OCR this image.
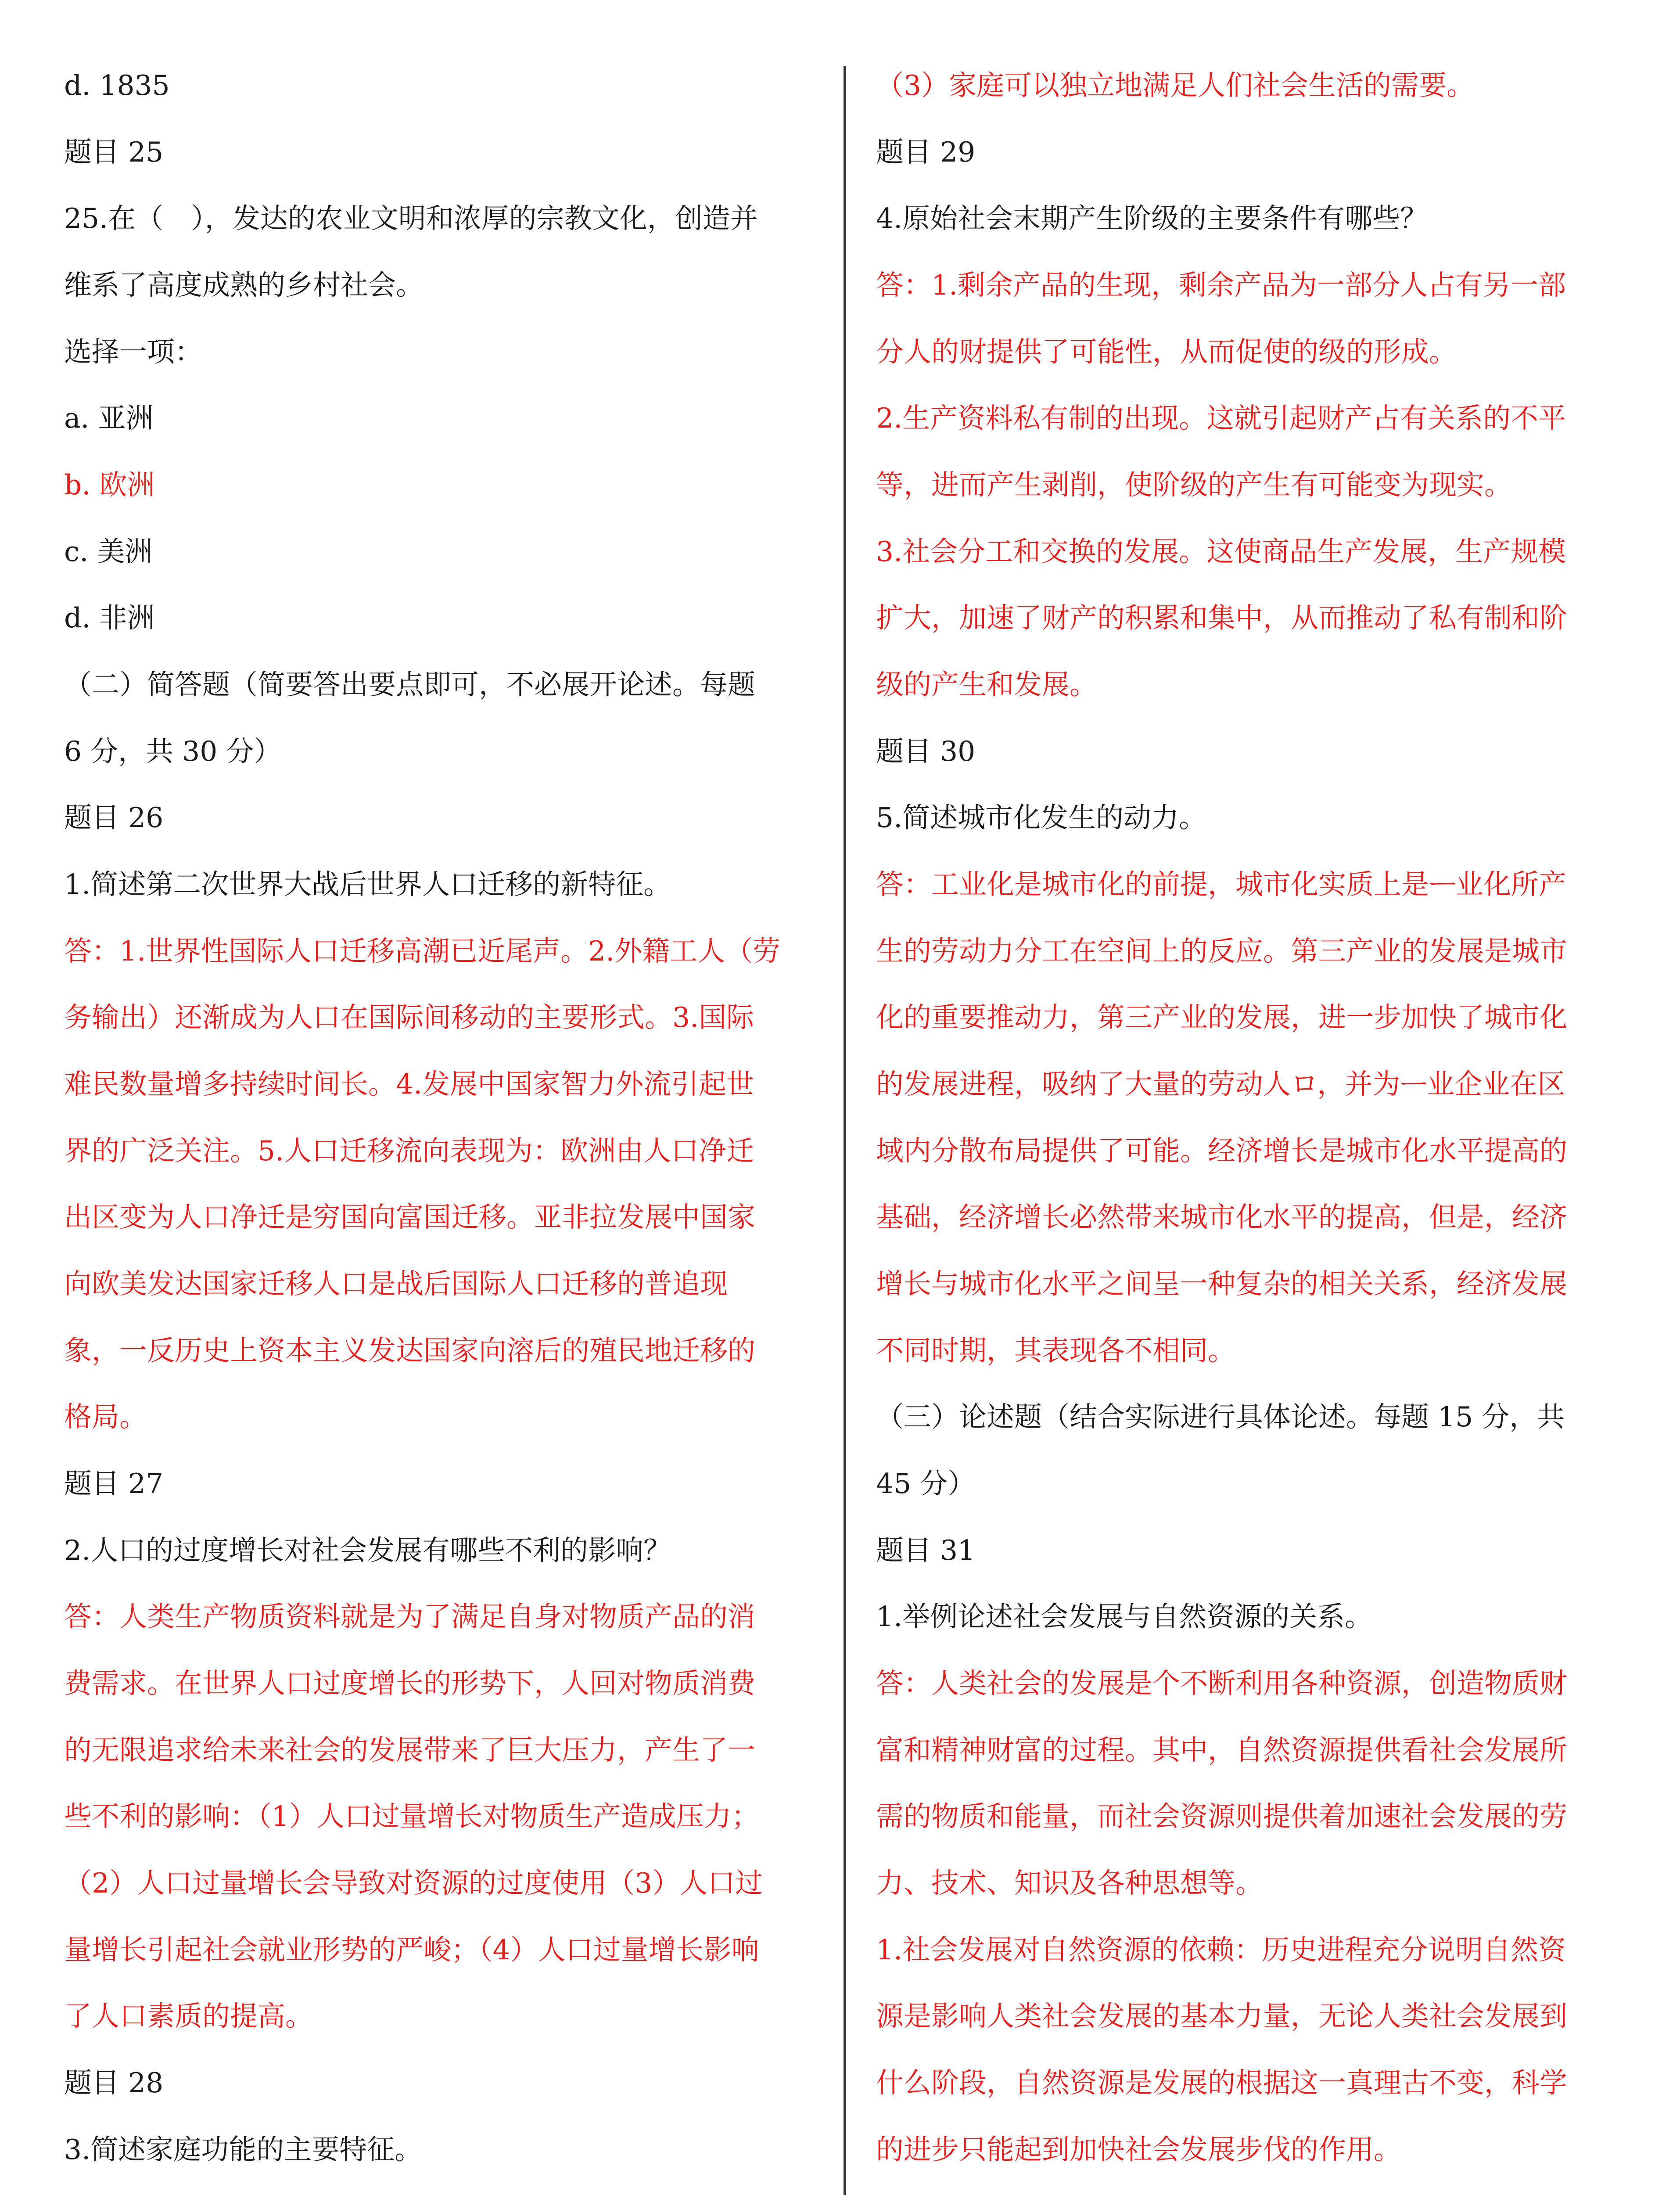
d. 1835
题目 25
25.在（　），发达的农业文明和浓厚的宗教文化，创造并
维系了高度成熟的乡村社会。
选择一项：
a. 亚洲
b. 欧洲
c. 美洲
d. 非洲
（二）简答题（简要答出要点即可，不必展开论述。每题
6 分，共 30 分）
题目 26
1.简述第二次世界大战后世界人口迁移的新特征。
答：1.世界性国际人口迁移高潮已近尾声。2.外籍工人（劳
务输出）还渐成为人口在国际间移动的主要形式。3.国际
难民数量增多持续时间长。4.发展中国家智力外流引起世
界的广泛关注。5.人口迁移流向表现为：欧洲由人口净迁
出区变为人口净迁是穷国向富国迁移。亚非拉发展中国家
向欧美发达国家迁移人口是战后国际人口迁移的普追现
象，一反历史上资本主义发达国家向溶后的殖民地迁移的
格局。
题目 27
2.人口的过度增长对社会发展有哪些不利的影响？
答：人类生产物质资料就是为了满足自身对物质产品的消
费需求。在世界人口过度增长的形势下，人回对物质消费
的无限追求给未来社会的发展带来了巨大压力，产生了一
些不利的影响：（1）人口过量增长对物质生产造成压力；
（2）人口过量增长会导致对资源的过度使用（3）人口过
量增长引起社会就业形势的严峻；（4）人口过量增长影响
了人口素质的提高。
题目 28
3.简述家庭功能的主要特征。
（3）家庭可以独立地满足人们社会生活的需要。
题目 29
4.原始社会末期产生阶级的主要条件有哪些？
答：1.剩余产品的生现，剩余产品为一部分人占有另一部
分人的财提供了可能性，从而促使的级的形成。
2.生产资料私有制的出现。这就引起财产占有关系的不平
等，进而产生剥削，使阶级的产生有可能变为现实。
3.社会分工和交换的发展。这使商品生产发展，生产规模
扩大，加速了财产的积累和集中，从而推动了私有制和阶
级的产生和发展。
题目 30
5.简述城市化发生的动力。
答：工业化是城市化的前提，城市化实质上是ᅳ业化所产
生的劳动力分工在空间上的反应。第三产业的发展是城市
化的重要推动力，第三产业的发展，进一步加快了城市化
的发展进程，吸纳了大量的劳动人ロ，并为ᅳ业企业在区
域内分散布局提供了可能。经济增长是城市化水平提高的
基础，经济增长必然带来城市化水平的提高，但是，经济
增长与城市化水平之间呈一种复杂的相关关系，经济发展
不同时期，其表现各不相同。
（三）论述题（结合实际进行具体论述。每题 15 分，共
45 分）
题目 31
1.举例论述社会发展与自然资源的关系。
答：人类社会的发展是个不断利用各种资源，创造物质财
富和精神财富的过程。其中，自然资源提供看社会发展所
需的物质和能量，而社会资源则提供着加速社会发展的劳
力、技术、知识及各种思想等。
1.社会发展对自然资源的依赖：历史进程充分说明自然资
源是影响人类社会发展的基本力量，无论人类社会发展到
什么阶段，自然资源是发展的根据这一真理古不变，科学
的进步只能起到加快社会发展步伐的作用。
